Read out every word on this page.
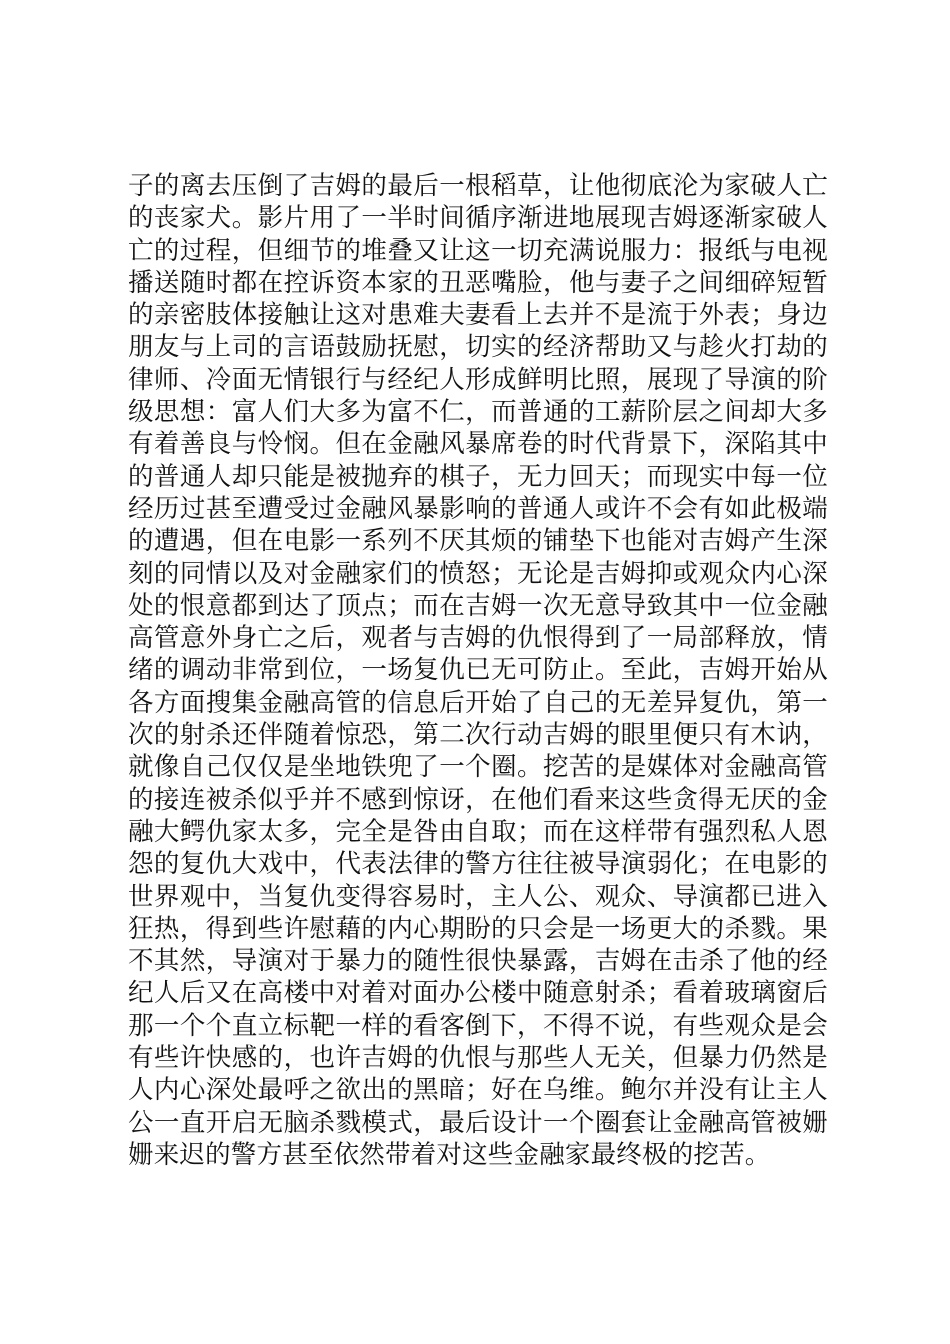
子的离去压倒了吉姆的最后一根稻草，让他彻底沦为家破人亡
的丧家犬。影片用了一半时间循序渐进地展现吉姆逐渐家破人
亡的过程，但细节的堆叠又让这一切充满说服力：报纸与电视
播送随时都在控诉资本家的丑恶嘴脸，他与妻子之间细碎短暂
的亲密肢体接触让这对患难夫妻看上去并不是流于外表；身边
朋友与上司的言语鼓励抚慰，切实的经济帮助又与趁火打劫的
律师、冷面无情银行与经纪人形成鲜明比照，展现了导演的阶
级思想：富人们大多为富不仁，而普通的工薪阶层之间却大多
有着善良与怜悯。但在金融风暴席卷的时代背景下，深陷其中
的普通人却只能是被抛弃的棋子，无力回天；而现实中每一位
经历过甚至遭受过金融风暴影响的普通人或许不会有如此极端
的遭遇，但在电影一系列不厌其烦的铺垫下也能对吉姆产生深
刻的同情以及对金融家们的愤怒；无论是吉姆抑或观众内心深
处的恨意都到达了顶点；而在吉姆一次无意导致其中一位金融
高管意外身亡之后，观者与吉姆的仇恨得到了一局部释放，情
绪的调动非常到位，一场复仇已无可防止。至此，吉姆开始从
各方面搜集金融高管的信息后开始了自己的无差异复仇，第一
次的射杀还伴随着惊恐，第二次行动吉姆的眼里便只有木讷，
就像自己仅仅是坐地铁兜了一个圈。挖苦的是媒体对金融高管
的接连被杀似乎并不感到惊讶，在他们看来这些贪得无厌的金
融大鳄仇家太多，完全是咎由自取；而在这样带有强烈私人恩
怨的复仇大戏中，代表法律的警方往往被导演弱化；在电影的
世界观中，当复仇变得容易时，主人公、观众、导演都已进入
狂热，得到些许慰藉的内心期盼的只会是一场更大的杀戮。果
不其然，导演对于暴力的随性很快暴露，吉姆在击杀了他的经
纪人后又在高楼中对着对面办公楼中随意射杀；看着玻璃窗后
那一个个直立标靶一样的看客倒下，不得不说，有些观众是会
有些许快感的，也许吉姆的仇恨与那些人无关，但暴力仍然是
人内心深处最呼之欲出的黑暗；好在乌维。鲍尔并没有让主人
公一直开启无脑杀戮模式，最后设计一个圈套让金融高管被姗
姗来迟的警方甚至依然带着对这些金融家最终极的挖苦。
